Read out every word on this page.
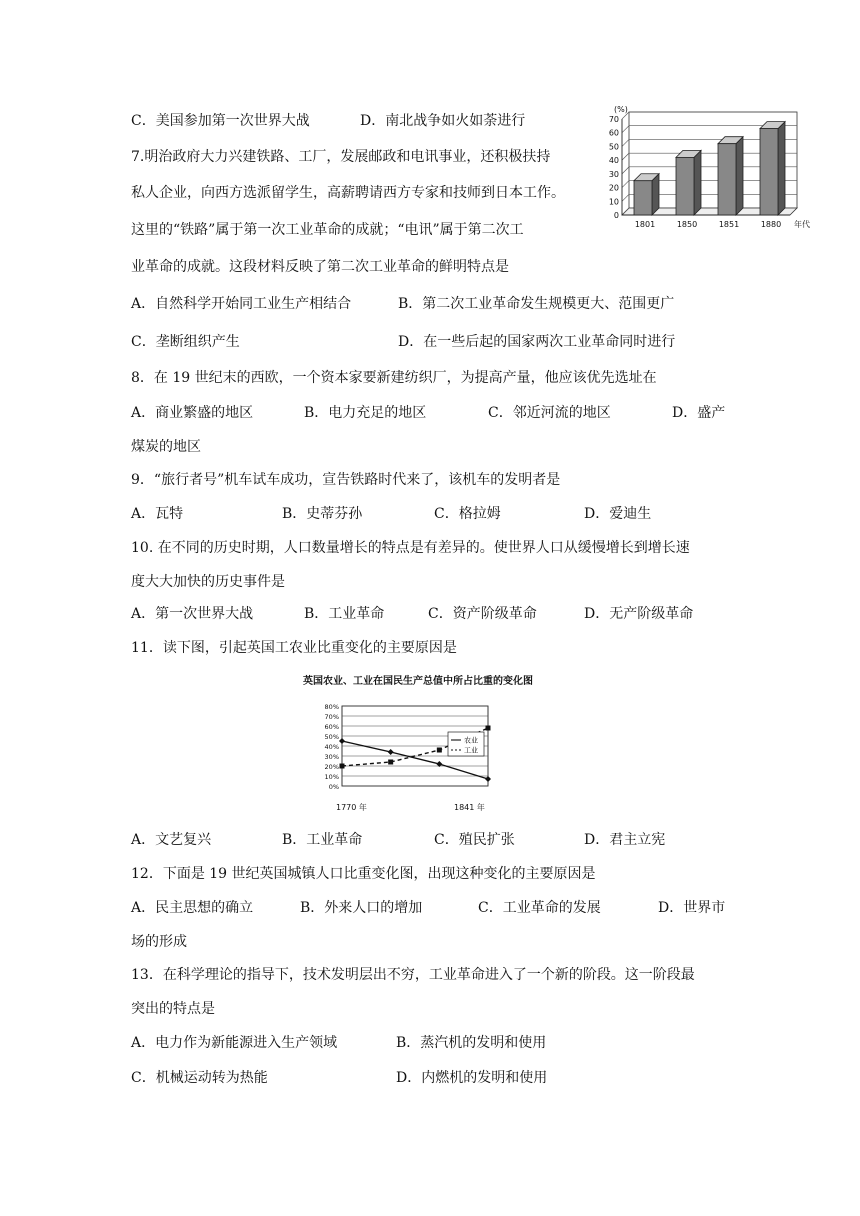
C．美国参加第一次世界大战	D．南北战争如火如荼进行
7.明治政府大力兴建铁路、工厂，发展邮政和电讯事业，还积极扶持
私人企业，向西方选派留学生，高薪聘请西方专家和技师到日本工作。
这里的“铁路”属于第一次工业革命的成就；“电讯”属于第二次工
业革命的成就。这段材料反映了第二次工业革命的鲜明特点是
A．自然科学开始同工业生产相结合	B．第二次工业革命发生规模更大、范围更广
C．垄断组织产生	D．在一些后起的国家两次工业革命同时进行
8．在 19 世纪末的西欧，一个资本家要新建纺织厂，为提高产量，他应该优先选址在
A．商业繁盛的地区	B．电力充足的地区	C．邻近河流的地区	D．盛产
煤炭的地区
9．“旅行者号”机车试车成功，宣告铁路时代来了，该机车的发明者是
A．瓦特	B．史蒂芬孙	C．格拉姆	D．爱迪生
10. 在不同的历史时期，人口数量增长的特点是有差异的。使世界人口从缓慢增长到增长速
度大大加快的历史事件是
A．第一次世界大战	B．工业革命	C．资产阶级革命	D．无产阶级革命
11．读下图，引起英国工农业比重变化的主要原因是
0
10
20
30
40
50
60
70
(%)
1801	1850	1851	1880 年代
英国农业、工业在国民生产总值中所占比重的变化图
0%
10%
20%
30%
40%
50%
60%
70%
80%
农业
工业
1770 年	1841 年
A．文艺复兴	B．工业革命	C．殖民扩张	D．君主立宪
12．下面是 19 世纪英国城镇人口比重变化图，出现这种变化的主要原因是
A．民主思想的确立	B．外来人口的增加	C．工业革命的发展	D．世界市
场的形成
13．在科学理论的指导下，技术发明层出不穷，工业革命进入了一个新的阶段。这一阶段最
突出的特点是
A．电力作为新能源进入生产领域	B．蒸汽机的发明和使用
C．机械运动转为热能	D．内燃机的发明和使用
